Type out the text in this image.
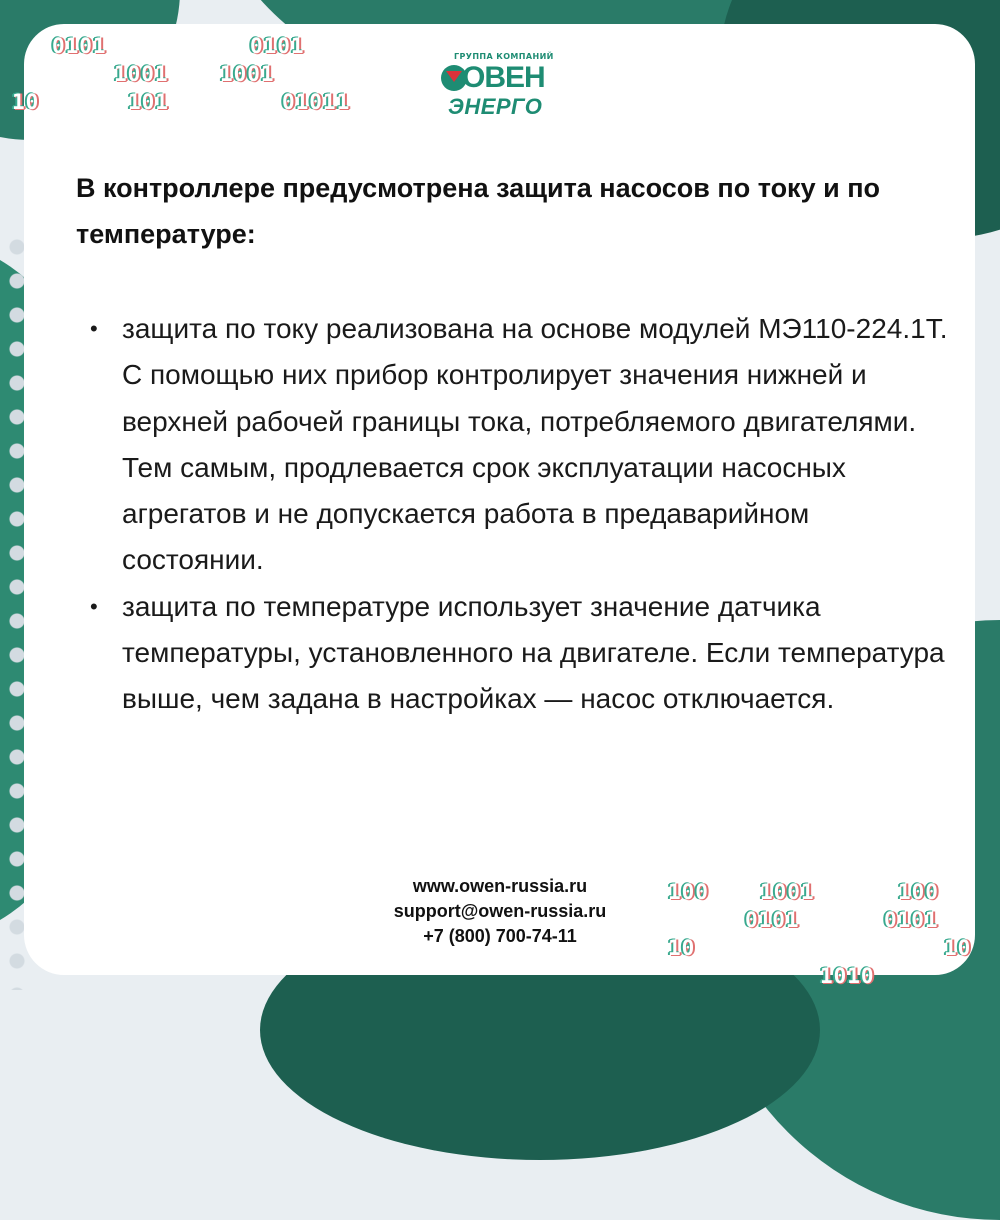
0101	0101
1001 1001
10	101	01011
ГРУППА КОМПАНИЙ
ОВЕН
ЭНЕРГО
В контроллере предусмотрена защита насосов по току и по температуре:
• защита по току реализована на основе модулей МЭ110-224.1Т. С помощью них прибор контролирует значения нижней и верхней рабочей границы тока, потребляемого двигателями. Тем самым, продлевается срок эксплуатации насосных агрегатов и не допускается работа в предаварийном состоянии.
• защита по температуре использует значение датчика температуры, установленного на двигателе. Если температура выше, чем задана в настройках — насос отключается.
www.owen-russia.ru
support@owen-russia.ru
+7 (800) 700-74-11
100 1001	100
0101	0101
10	10
1010
